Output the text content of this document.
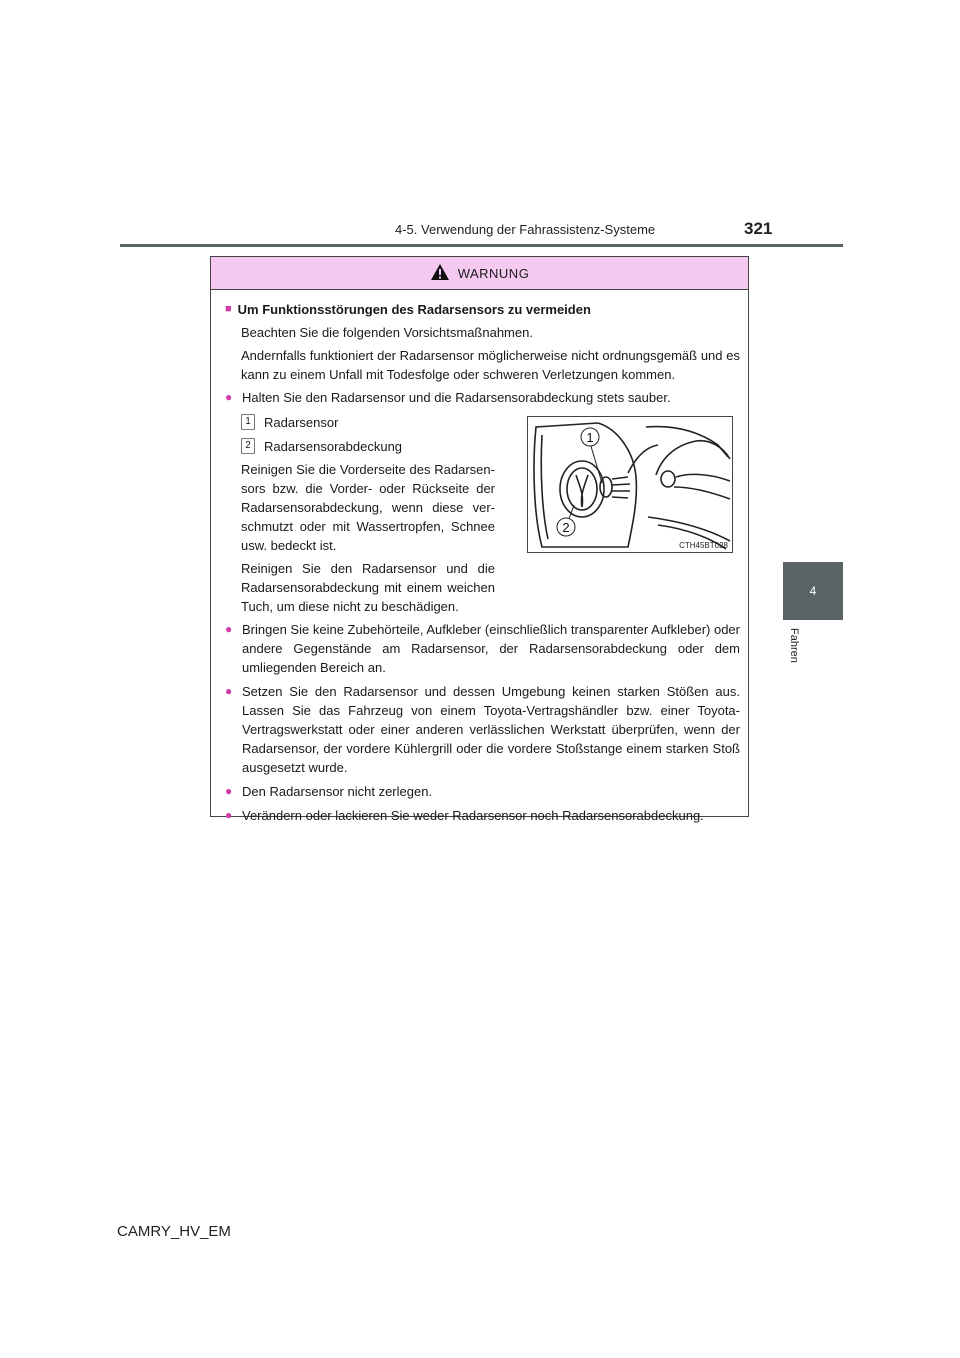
4-5. Verwendung der Fahrassistenz-Systeme	321
4
Fahren
WARNUNG
■ Um Funktionsstörungen des Radarsensors zu vermeiden
Beachten Sie die folgenden Vorsichtsmaßnahmen.
Andernfalls funktioniert der Radarsensor möglicherweise nicht ordnungsgemäß und es kann zu einem Unfall mit Todesfolge oder schweren Verletzungen kommen.
● Halten Sie den Radarsensor und die Radarsensorabdeckung stets sauber.
1	Radarsensor
2	Radarsensorabdeckung
Reinigen Sie die Vorderseite des Radarsensors bzw. die Vorder- oder Rückseite der Radarsensorabdeckung, wenn diese verschmutzt oder mit Wassertropfen, Schnee usw. bedeckt ist.
Reinigen Sie den Radarsensor und die Radarsensorabdeckung mit einem weichen Tuch, um diese nicht zu beschädigen.
● Bringen Sie keine Zubehörteile, Aufkleber (einschließlich transparenter Aufkleber) oder andere Gegenstände am Radarsensor, der Radarsensorabdeckung oder dem umliegenden Bereich an.
● Setzen Sie den Radarsensor und dessen Umgebung keinen starken Stößen aus. Lassen Sie das Fahrzeug von einem Toyota-Vertragshändler bzw. einer Toyota-Vertragswerkstatt oder einer anderen verlässlichen Werkstatt überprüfen, wenn der Radarsensor, der vordere Kühlergrill oder die vordere Stoßstange einem starken Stoß ausgesetzt wurde.
● Den Radarsensor nicht zerlegen.
● Verändern oder lackieren Sie weder Radarsensor noch Radarsensorabdeckung.
1
2
CTH45BT028
CAMRY_HV_EM
